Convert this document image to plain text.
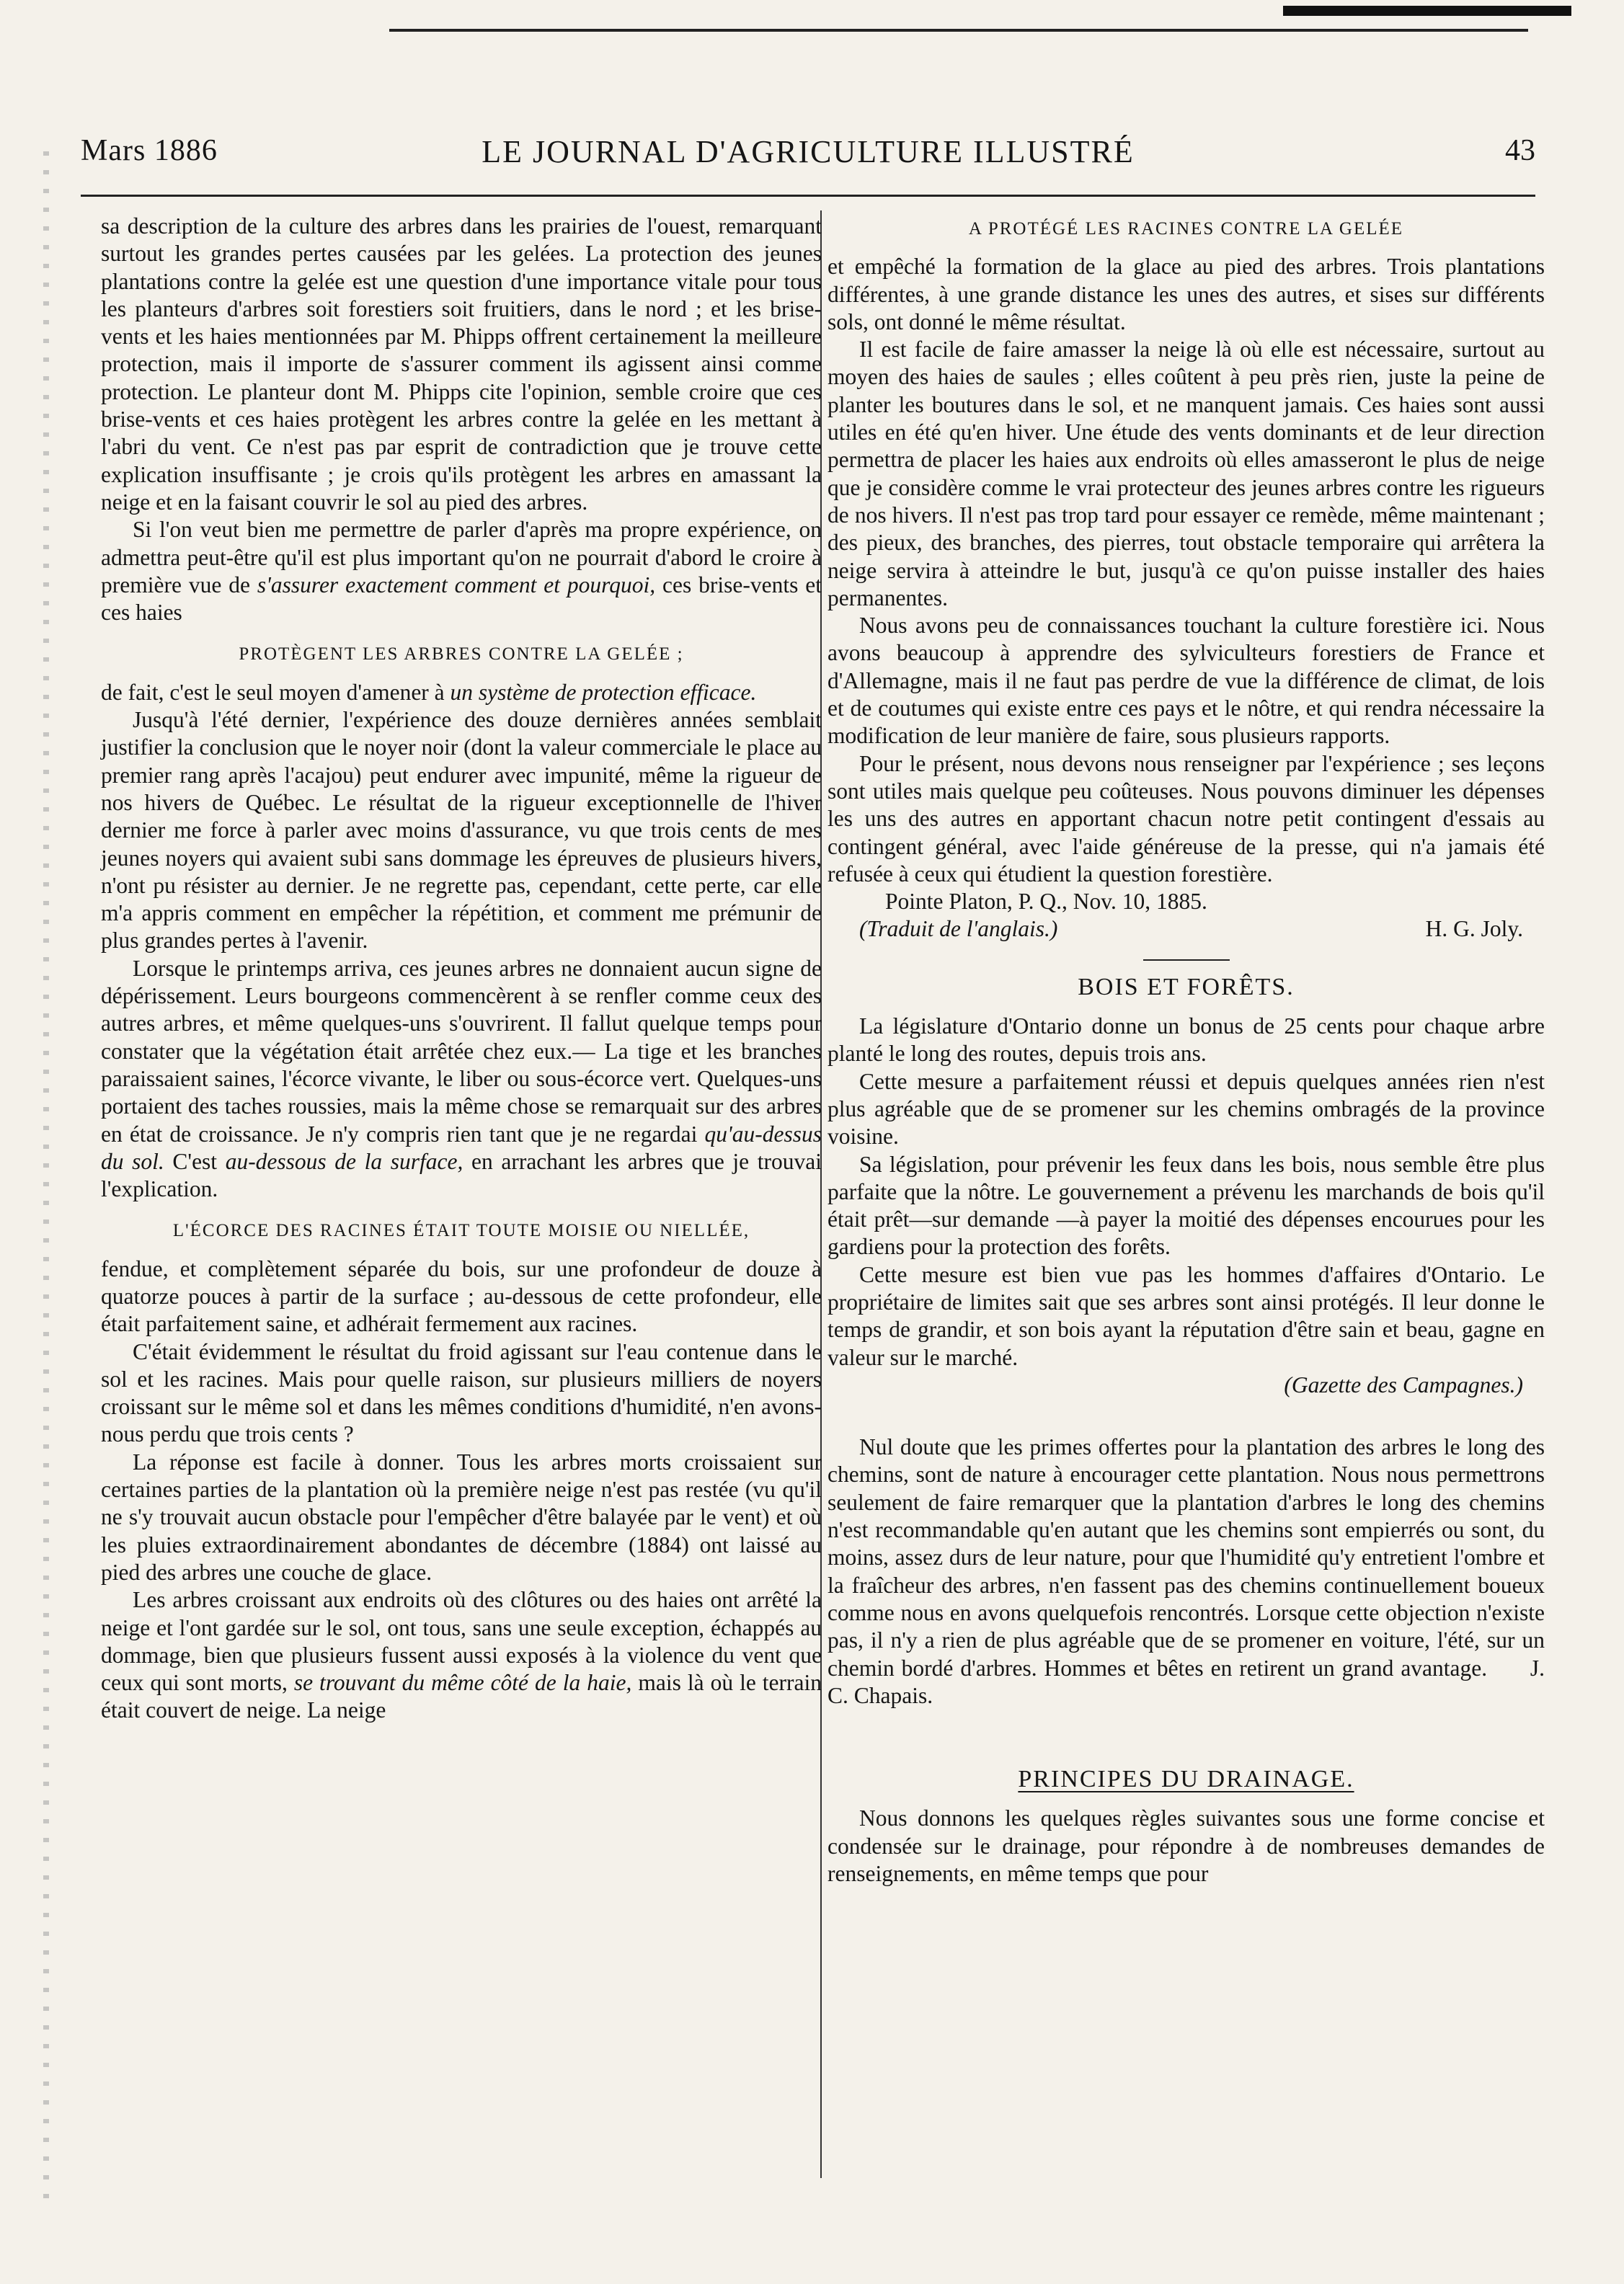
Mars 1886	LE JOURNAL D'AGRICULTURE ILLUSTRÉ	43

sa description de la culture des arbres dans les prairies de l'ouest, remarquant surtout les grandes pertes causées par les gelées. La protection des jeunes plantations contre la gelée est une question d'une importance vitale pour tous les planteurs d'arbres soit forestiers soit fruitiers, dans le nord ; et les brise-vents et les haies mentionnées par M. Phipps offrent certainement la meilleure protection, mais il importe de s'assurer comment ils agissent ainsi comme protection. Le planteur dont M. Phipps cite l'opinion, semble croire que ces brise-vents et ces haies protègent les arbres contre la gelée en les mettant à l'abri du vent. Ce n'est pas par esprit de contradiction que je trouve cette explication insuffisante ; je crois qu'ils protègent les arbres en amassant la neige et en la faisant couvrir le sol au pied des arbres.

Si l'on veut bien me permettre de parler d'après ma propre expérience, on admettra peut-être qu'il est plus important qu'on ne pourrait d'abord le croire à première vue de s'assurer exactement comment et pourquoi, ces brise-vents et ces haies

PROTÈGENT LES ARBRES CONTRE LA GELÉE ;

de fait, c'est le seul moyen d'amener à un système de protection efficace.

Jusqu'à l'été dernier, l'expérience des douze dernières années semblait justifier la conclusion que le noyer noir (dont la valeur commerciale le place au premier rang après l'acajou) peut endurer avec impunité, même la rigueur de nos hivers de Québec. Le résultat de la rigueur exceptionnelle de l'hiver dernier me force à parler avec moins d'assurance, vu que trois cents de mes jeunes noyers qui avaient subi sans dommage les épreuves de plusieurs hivers, n'ont pu résister au dernier. Je ne regrette pas, cependant, cette perte, car elle m'a appris comment en empêcher la répétition, et comment me prémunir de plus grandes pertes à l'avenir.

Lorsque le printemps arriva, ces jeunes arbres ne donnaient aucun signe de dépérissement. Leurs bourgeons commencèrent à se renfler comme ceux des autres arbres, et même quelques-uns s'ouvrirent. Il fallut quelque temps pour constater que la végétation était arrêtée chez eux.— La tige et les branches paraissaient saines, l'écorce vivante, le liber ou sous-écorce vert. Quelques-uns portaient des taches roussies, mais la même chose se remarquait sur des arbres en état de croissance. Je n'y compris rien tant que je ne regardai qu'au-dessus du sol. C'est au-dessous de la surface, en arrachant les arbres que je trouvai l'explication.

L'ÉCORCE DES RACINES ÉTAIT TOUTE MOISIE OU NIELLÉE,

fendue, et complètement séparée du bois, sur une profondeur de douze à quatorze pouces à partir de la surface ; au-dessous de cette profondeur, elle était parfaitement saine, et adhérait fermement aux racines.

C'était évidemment le résultat du froid agissant sur l'eau contenue dans le sol et les racines. Mais pour quelle raison, sur plusieurs milliers de noyers croissant sur le même sol et dans les mêmes conditions d'humidité, n'en avons-nous perdu que trois cents ?

La réponse est facile à donner. Tous les arbres morts croissaient sur certaines parties de la plantation où la première neige n'est pas restée (vu qu'il ne s'y trouvait aucun obstacle pour l'empêcher d'être balayée par le vent) et où les pluies extraordinairement abondantes de décembre (1884) ont laissé au pied des arbres une couche de glace.

Les arbres croissant aux endroits où des clôtures ou des haies ont arrêté la neige et l'ont gardée sur le sol, ont tous, sans une seule exception, échappés au dommage, bien que plusieurs fussent aussi exposés à la violence du vent que ceux qui sont morts, se trouvant du même côté de la haie, mais là où le terrain était couvert de neige. La neige

A PROTÉGÉ LES RACINES CONTRE LA GELÉE

et empêché la formation de la glace au pied des arbres. Trois plantations différentes, à une grande distance les unes des autres, et sises sur différents sols, ont donné le même résultat.

Il est facile de faire amasser la neige là où elle est nécessaire, surtout au moyen des haies de saules ; elles coûtent à peu près rien, juste la peine de planter les boutures dans le sol, et ne manquent jamais. Ces haies sont aussi utiles en été qu'en hiver. Une étude des vents dominants et de leur direction permettra de placer les haies aux endroits où elles amasseront le plus de neige que je considère comme le vrai protecteur des jeunes arbres contre les rigueurs de nos hivers. Il n'est pas trop tard pour essayer ce remède, même maintenant ; des pieux, des branches, des pierres, tout obstacle temporaire qui arrêtera la neige servira à atteindre le but, jusqu'à ce qu'on puisse installer des haies permanentes.

Nous avons peu de connaissances touchant la culture forestière ici. Nous avons beaucoup à apprendre des sylviculteurs forestiers de France et d'Allemagne, mais il ne faut pas perdre de vue la différence de climat, de lois et de coutumes qui existe entre ces pays et le nôtre, et qui rendra nécessaire la modification de leur manière de faire, sous plusieurs rapports.

Pour le présent, nous devons nous renseigner par l'expérience ; ses leçons sont utiles mais quelque peu coûteuses. Nous pouvons diminuer les dépenses les uns des autres en apportant chacun notre petit contingent d'essais au contingent général, avec l'aide généreuse de la presse, qui n'a jamais été refusée à ceux qui étudient la question forestière.

Pointe Platon, P. Q., Nov. 10, 1885.

(Traduit de l'anglais.)	H. G. Joly.
BOIS ET FORÊTS.

La législature d'Ontario donne un bonus de 25 cents pour chaque arbre planté le long des routes, depuis trois ans.

Cette mesure a parfaitement réussi et depuis quelques années rien n'est plus agréable que de se promener sur les chemins ombragés de la province voisine.

Sa législation, pour prévenir les feux dans les bois, nous semble être plus parfaite que la nôtre. Le gouvernement a prévenu les marchands de bois qu'il était prêt—sur demande —à payer la moitié des dépenses encourues pour les gardiens pour la protection des forêts.

Cette mesure est bien vue pas les hommes d'affaires d'Ontario. Le propriétaire de limites sait que ses arbres sont ainsi protégés. Il leur donne le temps de grandir, et son bois ayant la réputation d'être sain et beau, gagne en valeur sur le marché.

(Gazette des Campagnes.)

Nul doute que les primes offertes pour la plantation des arbres le long des chemins, sont de nature à encourager cette plantation. Nous nous permettrons seulement de faire remarquer que la plantation d'arbres le long des chemins n'est recommandable qu'en autant que les chemins sont empierrés ou sont, du moins, assez durs de leur nature, pour que l'humidité qu'y entretient l'ombre et la fraîcheur des arbres, n'en fassent pas des chemins continuellement boueux comme nous en avons quelquefois rencontrés. Lorsque cette objection n'existe pas, il n'y a rien de plus agréable que de se promener en voiture, l'été, sur un chemin bordé d'arbres. Hommes et bêtes en retirent un grand avantage. J. C. Chapais.

PRINCIPES DU DRAINAGE.

Nous donnons les quelques règles suivantes sous une forme concise et condensée sur le drainage, pour répondre à de nombreuses demandes de renseignements, en même temps que pour
